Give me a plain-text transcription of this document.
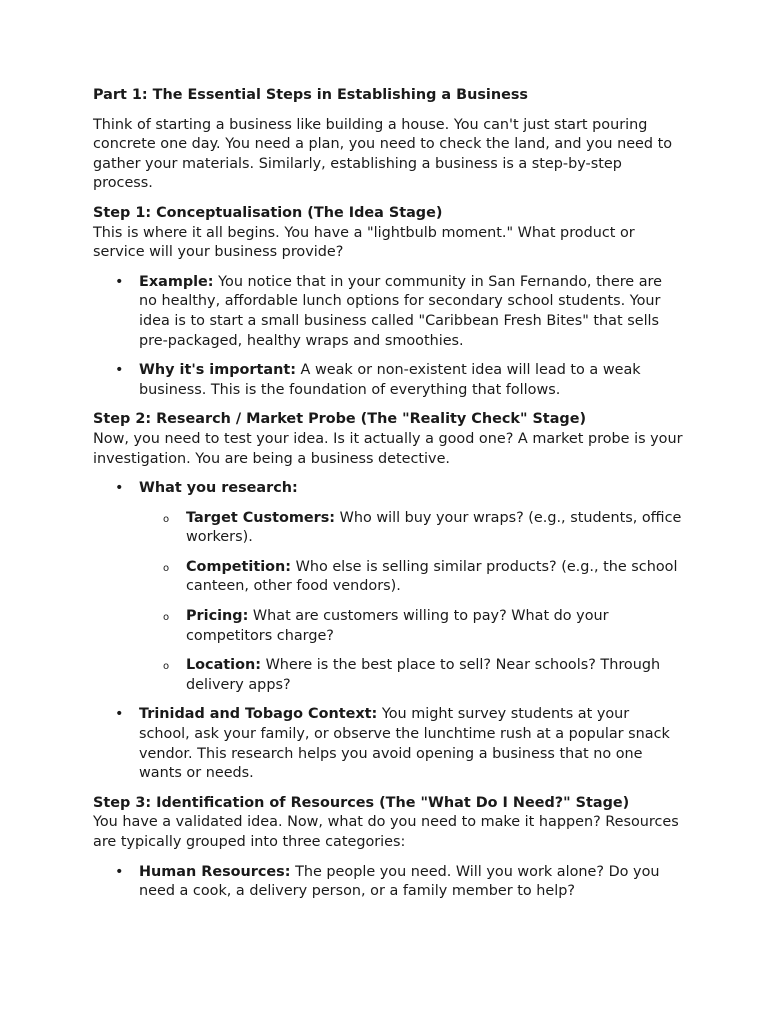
Part 1: The Essential Steps in Establishing a Business

Think of starting a business like building a house. You can't just start pouring concrete one day. You need a plan, you need to check the land, and you need to gather your materials. Similarly, establishing a business is a step-by-step process.

Step 1: Conceptualisation (The Idea Stage)
This is where it all begins. You have a "lightbulb moment." What product or service will your business provide?

• Example: You notice that in your community in San Fernando, there are no healthy, affordable lunch options for secondary school students. Your idea is to start a small business called "Caribbean Fresh Bites" that sells pre-packaged, healthy wraps and smoothies.
• Why it's important: A weak or non-existent idea will lead to a weak business. This is the foundation of everything that follows.

Step 2: Research / Market Probe (The "Reality Check" Stage)
Now, you need to test your idea. Is it actually a good one? A market probe is your investigation. You are being a business detective.

• What you research:
o Target Customers: Who will buy your wraps? (e.g., students, office workers).
o Competition: Who else is selling similar products? (e.g., the school canteen, other food vendors).
o Pricing: What are customers willing to pay? What do your competitors charge?
o Location: Where is the best place to sell? Near schools? Through delivery apps?
• Trinidad and Tobago Context: You might survey students at your school, ask your family, or observe the lunchtime rush at a popular snack vendor. This research helps you avoid opening a business that no one wants or needs.

Step 3: Identification of Resources (The "What Do I Need?" Stage)
You have a validated idea. Now, what do you need to make it happen? Resources are typically grouped into three categories:

• Human Resources: The people you need. Will you work alone? Do you need a cook, a delivery person, or a family member to help?
